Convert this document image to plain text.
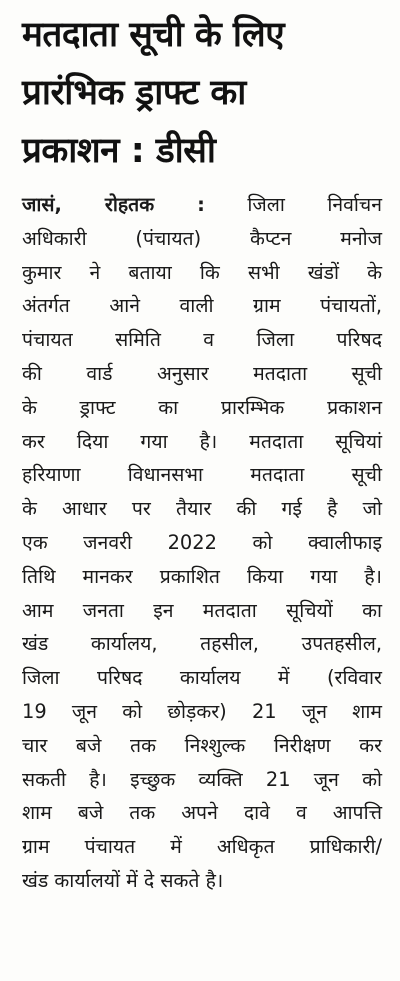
मतदाता सूची के लिए
प्रारंभिक ड्राफ्ट का
प्रकाशन : डीसी
जासं, रोहतक : जिला निर्वाचन
अधिकारी (पंचायत) कैप्टन मनोज
कुमार ने बताया कि सभी खंडों के
अंतर्गत आने वाली ग्राम पंचायतों,
पंचायत समिति व जिला परिषद
की वार्ड अनुसार मतदाता सूची
के ड्राफ्ट का प्रारम्भिक प्रकाशन
कर दिया गया है। मतदाता सूचियां
हरियाणा विधानसभा मतदाता सूची
के आधार पर तैयार की गई है जो
एक जनवरी 2022 को क्वालीफाइ
तिथि मानकर प्रकाशित किया गया है।
आम जनता इन मतदाता सूचियों का
खंड कार्यालय, तहसील, उपतहसील,
जिला परिषद कार्यालय में (रविवार
19 जून को छोड़कर) 21 जून शाम
चार बजे तक निश्शुल्क निरीक्षण कर
सकती है। इच्छुक व्यक्ति 21 जून को
शाम बजे तक अपने दावे व आपत्ति
ग्राम पंचायत में अधिकृत प्राधिकारी/
खंड कार्यालयों में दे सकते है।
